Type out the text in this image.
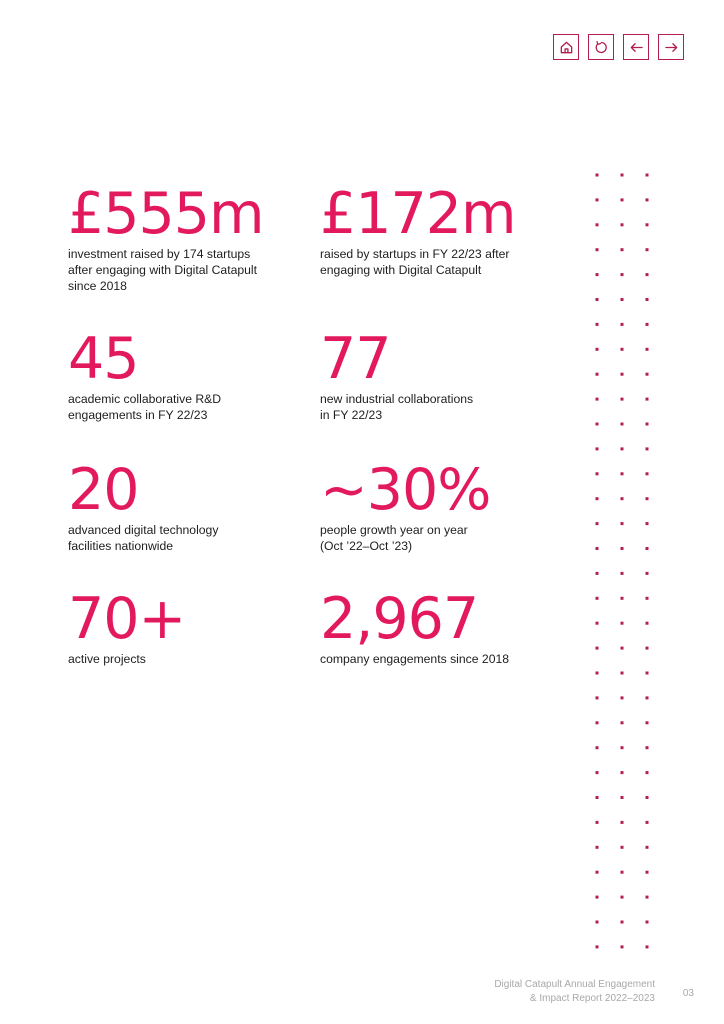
£555m
investment raised by 174 startups
after engaging with Digital Catapult
since 2018
£172m
raised by startups in FY 22/23 after
engaging with Digital Catapult
45
academic collaborative R&D
engagements in FY 22/23
77
new industrial collaborations
in FY 22/23
20
advanced digital technology
facilities nationwide
~30%
people growth year on year
(Oct ’22–Oct ’23)
70+
active projects
2,967
company engagements since 2018
Digital Catapult Annual Engagement
& Impact Report 2022–2023	03
